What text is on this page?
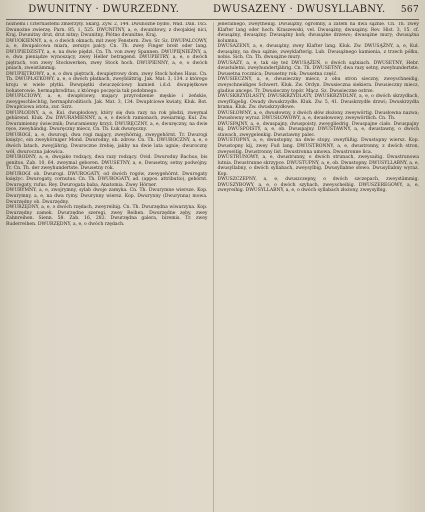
DWUNITNY · DWURZEDNY.	DWUSAZENY · DWUSYLLABNY.	567

nożnemi i czternastemi zmierzyły. Skarg. Zyw. 2, 144. Dwunożne bydło, Wad. Dan. 165. Dwunożne zwierzę. Parn. 85, 1, 525. DWUNITNY, a, e, dwunitowy, z dwojakiej nici, Kraj. Dwunitny drut, drut nitny; Dwunitny, Płótno dwunitne, Kraj.

DWUOKIENNY, a, e, o dwóch oknach, mit zwey Fenstern. Zwo. Sr. Sz. DWUPALCOWY, a, e, dwupalcowa miara, zerszys palcy. Cn. Th. zwey Finger breit oder lang. DWUPIEDZISTY, a, e, na dwie piędzi. Cn. Th. von zwey Spannen. DWUPIĘNIEŻNY, a, e, dwa pieniądze wynoszący, zwey Heller betragend. DWUPIETRY, a, e, o dwóch piętrach, von zwey Stockwerken, zwey Stock hoch. DWUPIENNY, a, e, o dwóch pniach, zweistämmig.

DWUPIĘTROWY, a, e, o dwu piętrach, dwupiętrowy dom, zwey Stock hohes Haus. Cn. Th. DWUPŁATKOWY, a, e, o dwóch płatkach, zweyblättrig. Jak. Mat. 3, 134. z którego kroju w wiele płytki. Bwwpiętki dwuczęściowy kamień i.d.d. dwupiętkowe bohaterowie, hermaphroditus, z którego poczęcia tak podobnego.

DWUPŁCIOWY, a, e, dwupłciowy, mający przyrodzenie męskie i żeńskie, zweygeschlechtig, hermaphroditisch. Jak. Mat. 3, 134. Dwupłciowe kwiaty, Kluk. Bot. Dwupłciowa istota, zur. Szrz.

DWUPŁODNY, a, e, Kul. dwupłodowy, który się dwa razy na rok płodzi, zweymal gebärend. Kluk. Zw. DWURAMIENNY, a, e, o dwóch ramionach, zweiarmig. Kul. Zw. Dwuramienny świecznik; Dwuramienny krzyż. DWURĘCZNY, a, e, dwuręczny, na dwie ręce, zweyhändig. Dwuręczny miecz, Cn. Th. Łuk dwuręczny.

DWUROGI, a, e, dwurogi, dwa rogi mający, zweyhörnig, zweygehörnt. Tr. Dwurogi księżyc, ein zweyhörniger Mond. Dwurodny, ob. zdrow. Cn. Th. DWUROCZNY, a, e, o dwóch latach, zweyjährig. Dwuroczne źrebię, jakby na dwie lata ugnie; dwuroczny wół, dwuroczna jałowica.

DWURODNY, a, e, dwojako rodzący, dwa razy rodzący. Ovid. Dwurodny Bachus, bis genitus. Zab. 10, 64. zweymal geboren. DWUSETNY, a, e, Dwusetny, setny podwójny. Tr. Cn. Th. der zweyhundertste. Dwusetny rok.

DWUROGI ob. Dwurogi. DWUROGATY, od dwóch rogów, zweygehörnt. Dwurogaty księżyc. Dwurogaty, cornutus. Cn. Th. DWUROGATY, ad. (appos. attributio), gehörnt. Dwurogaty, rufus. Rey. Dwurogata baba, Anatomia. Zwey Hörner.

DWURYMNY, a, e, zwojrymny, sylab dwoje zamyka. Cn. Th. Dwurymne wiersze. Kop. Dwurymny, a, e, na dwa rymy. Dwurynny wiersz. Kop. Dwurynny (Dwurynna) mowa. Dwurzędny ob. Dwurzędny.

DWURZĘDNY, a, e, o dwóch rzędach, zweyreihig. Cn. Th. Dwurzędna wiwarzyna. Kop. Dwurzędny zamek. Dwurzędne szeregi, zwey Reihen. Dwurzędne zęby, zwey Zahnreihen. Sienn. 58. Zab. 16, 282. Dwurzędna galera, biremis. Tr. zwey Ruderreihen. DWURZĘDNY, a, e, o dwóch rzędach.

jeneralnego, zweytheilig. Dwusążny, ogromny, a zatem na dwa sążnie. Cn. Th. zwey Klafter lang oder hoch. Kraszewski, vel. Dwusążny, dwusążny. Rev. Hist. 3, 15. cf. dwusążny, dwusążny. Dwusążny koń; dwusążne drzewo; dwusążne mury; dwusążna kolumna.

DWUSAZENY, a, e, dwusążny, zwey Klafter lang. Kluk. Zw. DWUSĄŻNY, a, e, Kuł. dwusążny, na dwa sążnie, zweyklafterig. Lub. Dwusążnego kamienia, z trzech półku, nobis. Sich. Cn. Th. dwusążne mury.

DWUSAZY, a, e, tak się też DWUSĄŻEŃ, o dwóch sążniach. DWUSETNY, Hebr. dwustuletni, zweyhundertjährig. Cn. Th. DWUSETNY, dwa razy setny, zweyhundertste. Dwusetna rocznica; Dwusetny rok; Dwusetna część.

DWUSIECZNY, a, e, dwusieczny miecz, z obu stron sieczny, zweyschneidig, zweyschneidiges Schwert. Kluk. Zw. Ordyn. Dwusieczna siekiera. Dwusieczny miecz, gladius anceps. Tr. Dwusieczny topór. Mącz. Sz. Dwusieczne ostrze.

DWUSKRZYDLASTY, DWUSKRZYDLATY, DWUSKRZYDLNY, a, e, o dwóch skrzydłach, zweyflügelig. Owady dwuskrzydłe. Kluk. Zw. 5, 41. Dwuskrzydłe drzwi; Dwuskrzydła brama. Kluk. Zw. dwuskrzydłowe.

DWUSŁOWNY, a, e, dwusłowny, z dwóch słów złożony, zweywörtig. Dwusłowna nazwa; Dwusłowny wyraz. DWUSŁOWOWY, a, e, dwusłowowy, zweywörtlich. Cn. Th.

DWUSPAJNY, a, e, dwuspajny, dwuspoisty, zweygliedrig. Dwuspajne ciało. Dwuspajny kij. DWUSPOISTY, a, e, ob. Dwuspajny. DWUSTAWNY, a, e, dwustawny, o dwóch stawach, zweygelenkig. Dwustawny palec.

DWUSTOPNY, a, e, dwustopny, na dwie stopy, zweyfüßig. Dwustopny wiersz. Kop. Dwustopny kij, zwey Fuß lang. DWUSTRONNY, a, e, dwustronny, z dwóch stron, zweyseitig. Dwustronny list. Dwustronna umowa. Dwustronne lica.

DWUSTRUNOWY, a, e, dwustrunny, o dwóch strunach, zweysaitig. Dwustrunowa lutnia. Dwustrunne skrzypce. DWUSTUPNY, a, e, ob. Dwustopny. DWUSYLLABNY, a, e, dwusyllabny, o dwóch syllabach, zweysylbig. Dwusyllabne słowo. Dwusyllabny wyraz. Kop.

DWUSZCZEPNY, a, e, dwuszczepny, o dwóch szczepach, zweystämmig. DWUSZYBOWY, a, e, o dwóch szybach, zweyscheibig. DWUSZEREGOWY, a, e, zweyreihig. DWUSYLLABNY, a, e, o dwóch syllabach złożony, zweysylbig.
